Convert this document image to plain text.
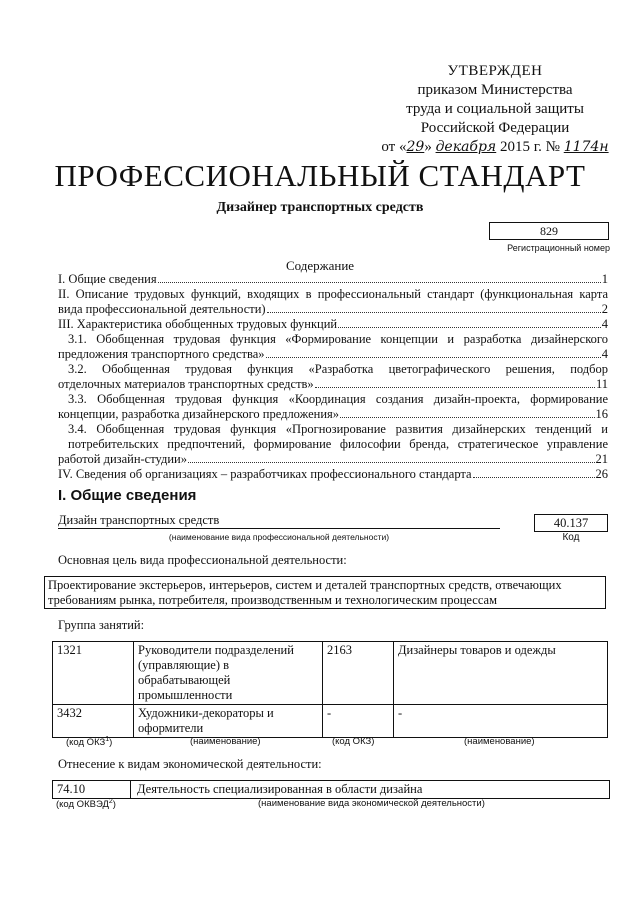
УТВЕРЖДЕН
приказом Министерства
труда и социальной защиты
Российской Федерации
от «29» декабря 2015 г. № 1174н
ПРОФЕССИОНАЛЬНЫЙ СТАНДАРТ
Дизайнер транспортных средств
829
Регистрационный номер
Содержание
I. Общие сведения	1
II. Описание трудовых функций, входящих в профессиональный стандарт (функциональная карта
вида профессиональной деятельности)	2
III. Характеристика обобщенных трудовых функций	4
3.1. Обобщенная трудовая функция «Формирование концепции и разработка дизайнерского
предложения транспортного средства»	4
3.2. Обобщенная трудовая функция «Разработка цветографического решения, подбор
отделочных материалов транспортных средств»	11
3.3. Обобщенная трудовая функция «Координация создания дизайн-проекта, формирование
концепции, разработка дизайнерского предложения»	16
3.4. Обобщенная трудовая функция «Прогнозирование развития дизайнерских тенденций и потребительских предпочтений, формирование философии бренда, стратегическое управление
работой дизайн-студии»	21
IV. Сведения об организациях – разработчиках профессионального стандарта	26
I. Общие сведения
Дизайн транспортных средств
(наименование вида профессиональной деятельности)
40.137
Код
Основная цель вида профессиональной деятельности:
Проектирование экстерьеров, интерьеров, систем и деталей транспортных средств, отвечающих требованиям рынка, потребителя, производственным и технологическим процессам
Группа занятий:
1321	Руководители подразделений (управляющие) в обрабатывающей промышленности	2163	Дизайнеры товаров и одежды
3432	Художники-декораторы и оформители	-	-
(код ОКЗ$^1$)	(наименование)	(код ОКЗ)	(наименование)
Отнесение к видам экономической деятельности:
74.10	Деятельность специализированная в области дизайна
(код ОКВЭД$^2$)	(наименование вида экономической деятельности)
